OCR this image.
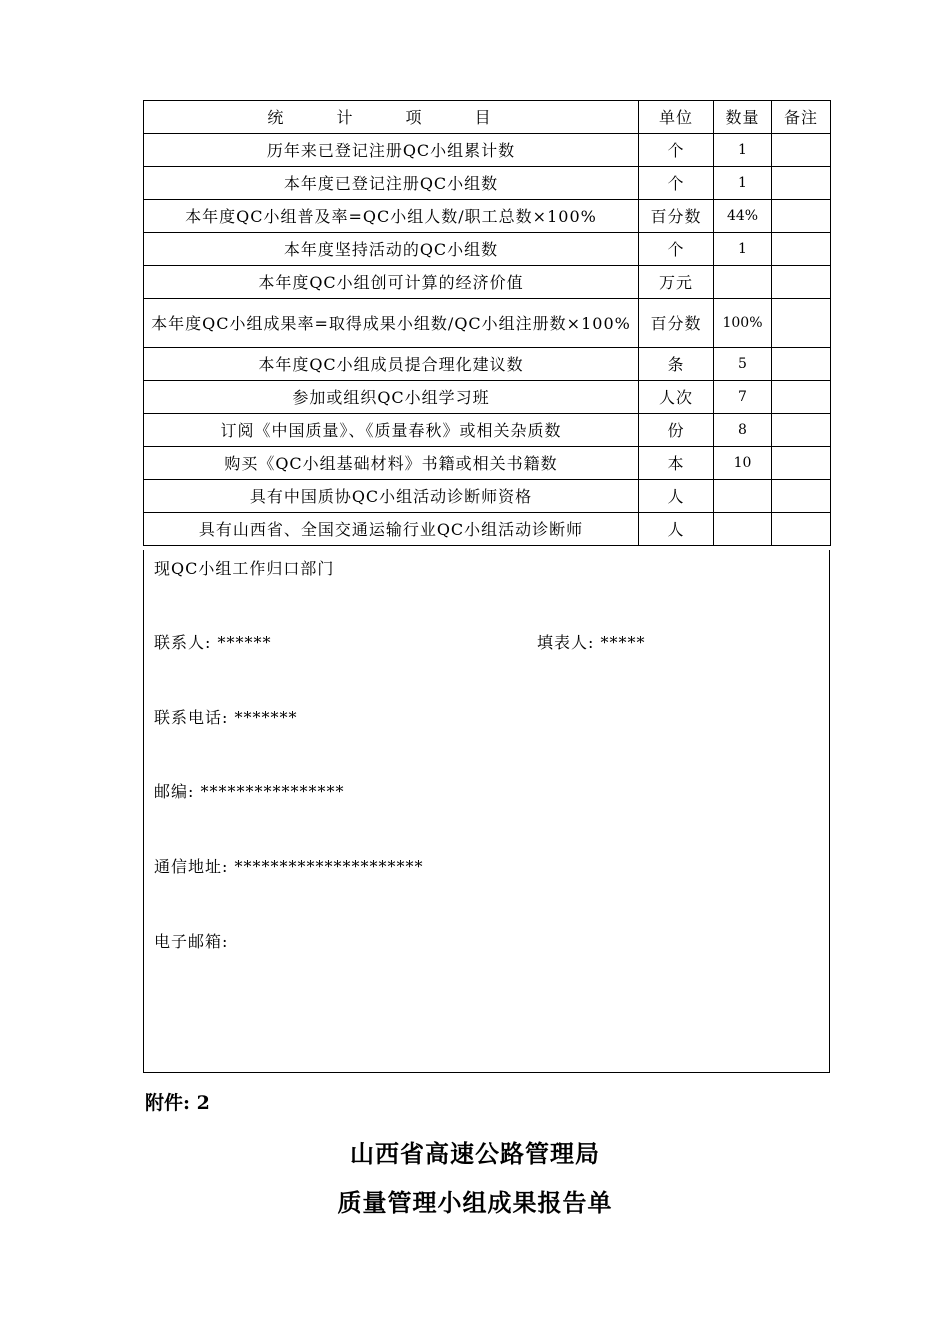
统 计 项 目	单位	数量	备注
历年来已登记注册QC小组累计数	个	1	
本年度已登记注册QC小组数	个	1	
本年度QC小组普及率=QC小组人数/职工总数×100%	百分数	44%	
本年度坚持活动的QC小组数	个	1	
本年度QC小组创可计算的经济价值	万元		
本年度QC小组成果率=取得成果小组数/QC小组注册数×100%	百分数	100%	
本年度QC小组成员提合理化建议数	条	5	
参加或组织QC小组学习班	人次	7	
订阅《中国质量》、《质量春秋》或相关杂质数	份	8	
购买《QC小组基础材料》书籍或相关书籍数	本	10	
具有中国质协QC小组活动诊断师资格	人		
具有山西省、全国交通运输行业QC小组活动诊断师	人		
现QC小组工作归口部门
联系人: ******	填表人: *****
联系电话: *******
邮编: ****************
通信地址: *********************
电子邮箱:
附件: 2
山西省高速公路管理局
质量管理小组成果报告单
